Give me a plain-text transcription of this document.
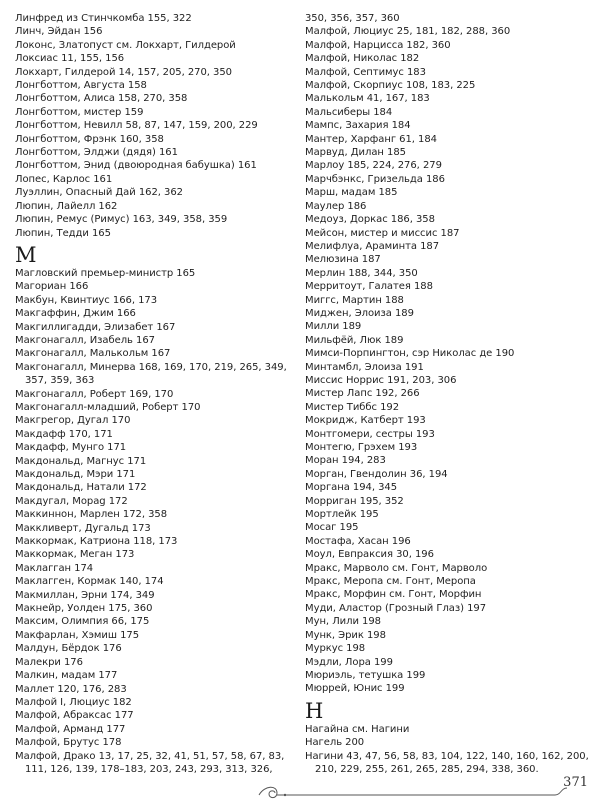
Линфред из Стинчкомба 155, 322
Линч, Эйдан 156
Локонс, Златопуст см. Локхарт, Гилдерой
Локсиас 11, 155, 156
Локхарт, Гилдерой 14, 157, 205, 270, 350
Лонгботтом, Августа 158
Лонгботтом, Алиса 158, 270, 358
Лонгботтом, мистер 159
Лонгботтом, Невилл 58, 87, 147, 159, 200, 229
Лонгботтом, Фрэнк 160, 358
Лонгботтом, Элджи (дядя) 161
Лонгботтом, Энид (двоюродная бабушка) 161
Лопес, Карлос 161
Луэллин, Опасный Дай 162, 362
Люпин, Лайелл 162
Люпин, Ремус (Римус) 163, 349, 358, 359
Люпин, Тедди 165
М
Магловский премьер-министр 165
Магориан 166
Макбун, Квинтиус 166, 173
Макгаффин, Джим 166
Макгиллигадди, Элизабет 167
Макгонагалл, Изабель 167
Макгонагалл, Малькольм 167
Макгонагалл, Минерва 168, 169, 170, 219, 265, 349, 357, 359, 363
Макгонагалл, Роберт 169, 170
Макгонагалл-младший, Роберт 170
Макгрегор, Дугал 170
Макдафф 170, 171
Макдафф, Мунго 171
Макдональд, Магнус 171
Макдональд, Мэри 171
Макдональд, Натали 172
Макдугал, Морag 172
Маккиннон, Марлен 172, 358
Маккливерт, Дугальд 173
Маккормак, Катриона 118, 173
Маккормак, Меган 173
Маклагган 174
Маклагген, Кормак 140, 174
Макмиллан, Эрни 174, 349
Макнейр, Уолден 175, 360
Максим, Олимпия 66, 175
Макфарлан, Хэмиш 175
Малдун, Бёрдок 176
Малекри 176
Малкин, мадам 177
Маллет 120, 176, 283
Малфой I, Люциус 182
Малфой, Абраксас 177
Малфой, Арманд 177
Малфой, Брутус 178
Малфой, Драко 13, 17, 25, 32, 41, 51, 57, 58, 67, 83, 111, 126, 139, 178–183, 203, 243, 293, 313, 326,
350, 356, 357, 360
Малфой, Люциус 25, 181, 182, 288, 360
Малфой, Нарцисса 182, 360
Малфой, Николас 182
Малфой, Септимус 183
Малфой, Скорпиус 108, 183, 225
Малькольм 41, 167, 183
Мальсиберы 184
Мампс, Захария 184
Мантер, Харфанг 61, 184
Марвуд, Дилан 185
Марлоу 185, 224, 276, 279
Марчбэнкс, Гризельда 186
Марш, мадам 185
Маулер 186
Медоуз, Доркас 186, 358
Мейсон, мистер и миссис 187
Мелифлуа, Араминта 187
Мелюзина 187
Мерлин 188, 344, 350
Мерритоут, Галатея 188
Миггс, Мартин 188
Миджен, Элоиза 189
Милли 189
Мильфёй, Люк 189
Мимси-Порпингтон, сэр Николас де 190
Минтамбл, Элоиза 191
Миссис Норрис 191, 203, 306
Мистер Лапс 192, 266
Мистер Тиббс 192
Мокридж, Катберт 193
Монтгомери, сестры 193
Монтегю, Грэхем 193
Моран 194, 283
Морган, Гвендолин 36, 194
Моргана 194, 345
Морриган 195, 352
Мортлейк 195
Мосаг 195
Мостафа, Хасан 196
Моул, Евпраксия 30, 196
Мракс, Марволо см. Гонт, Марволо
Мракс, Меропа см. Гонт, Меропа
Мракс, Морфин см. Гонт, Морфин
Муди, Аластор (Грозный Глаз) 197
Мун, Лили 198
Мунк, Эрик 198
Муркус 198
Мэдли, Лора 199
Мюриэль, тетушка 199
Мюррей, Юнис 199
Н
Нагайна см. Нагини
Нагель 200
Нагини 43, 47, 56, 58, 83, 104, 122, 140, 160, 162, 200, 210, 229, 255, 261, 265, 285, 294, 338, 360.
371
